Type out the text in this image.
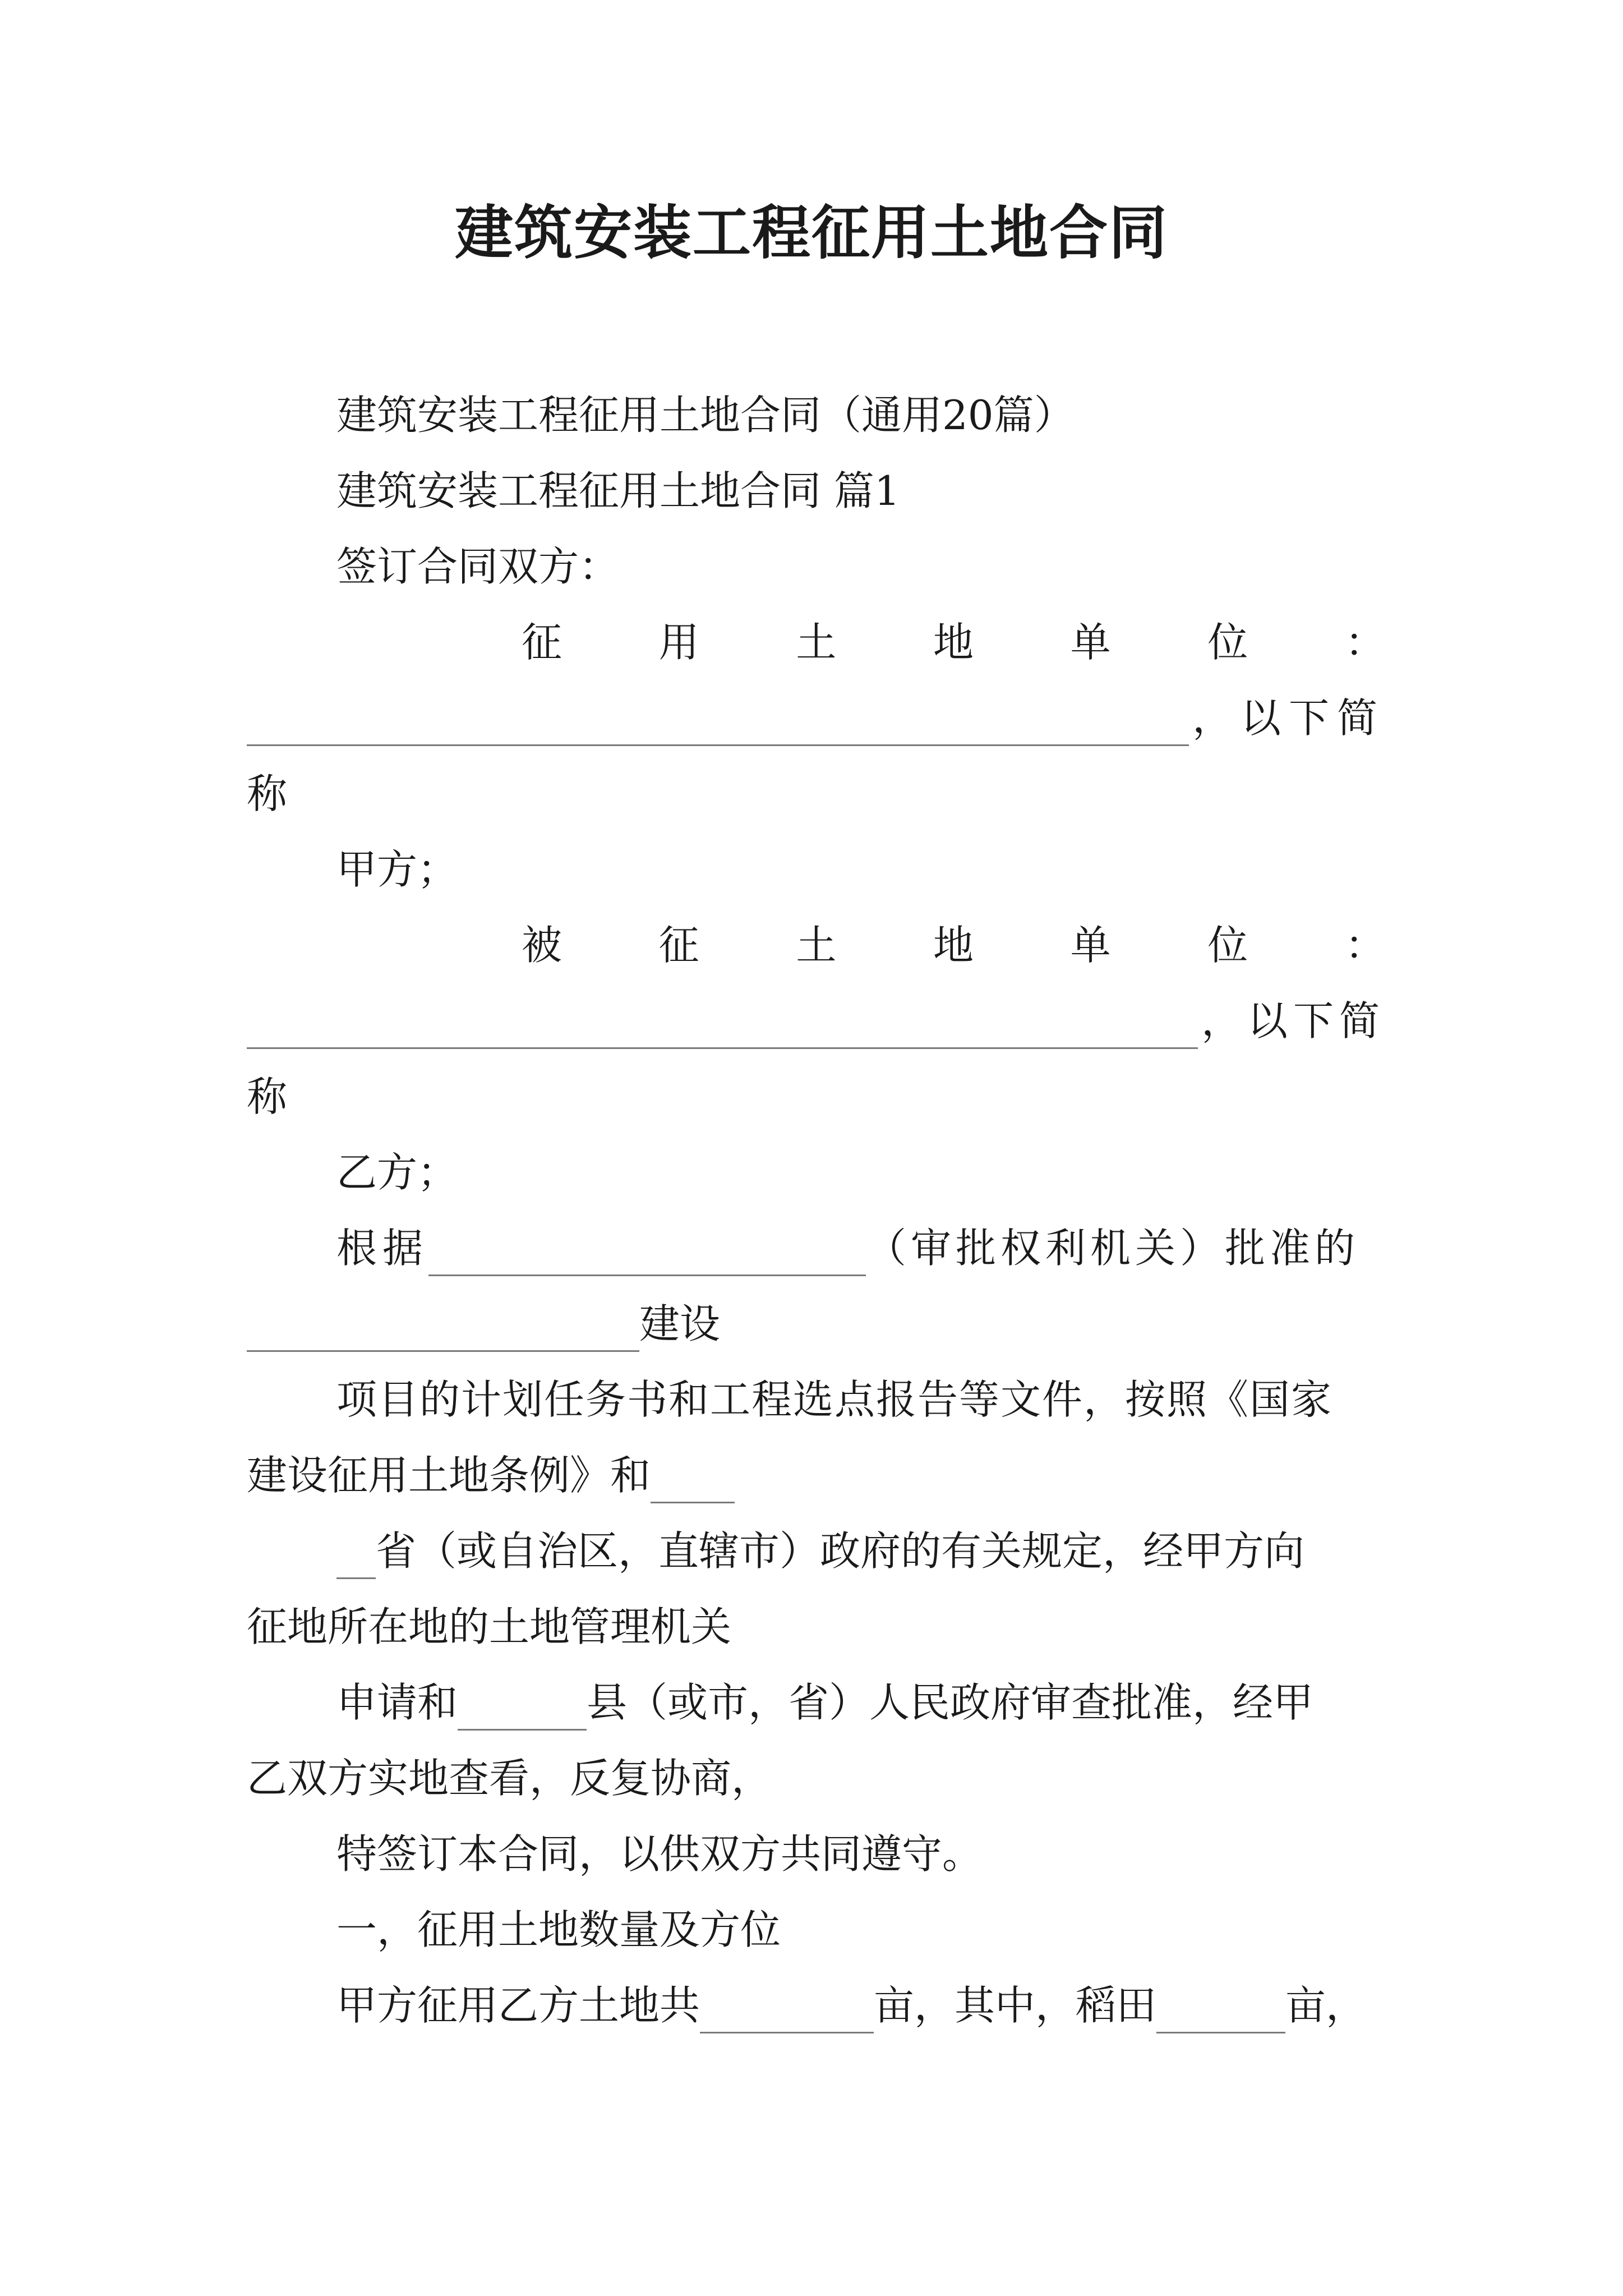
建筑安装工程征用土地合同
建筑安装工程征用土地合同（通用20篇）
建筑安装工程征用土地合同 篇1
签订合同双方：
征 用 土 地 单 位 ：
，以下简
称
甲方；
被 征 土 地 单 位 ：
，以下简
称
乙方；
根据	（审批权利机关）批准的
建设
项目的计划任务书和工程选点报告等文件，按照《国家
建设征用土地条例》和
省（或自治区，直辖市）政府的有关规定，经甲方向
征地所在地的土地管理机关
申请和	县（或市，省）人民政府审查批准，经甲
乙双方实地查看，反复协商，
特签订本合同，以供双方共同遵守。
一，征用土地数量及方位
甲方征用乙方土地共	亩，其中，稻田	亩，
